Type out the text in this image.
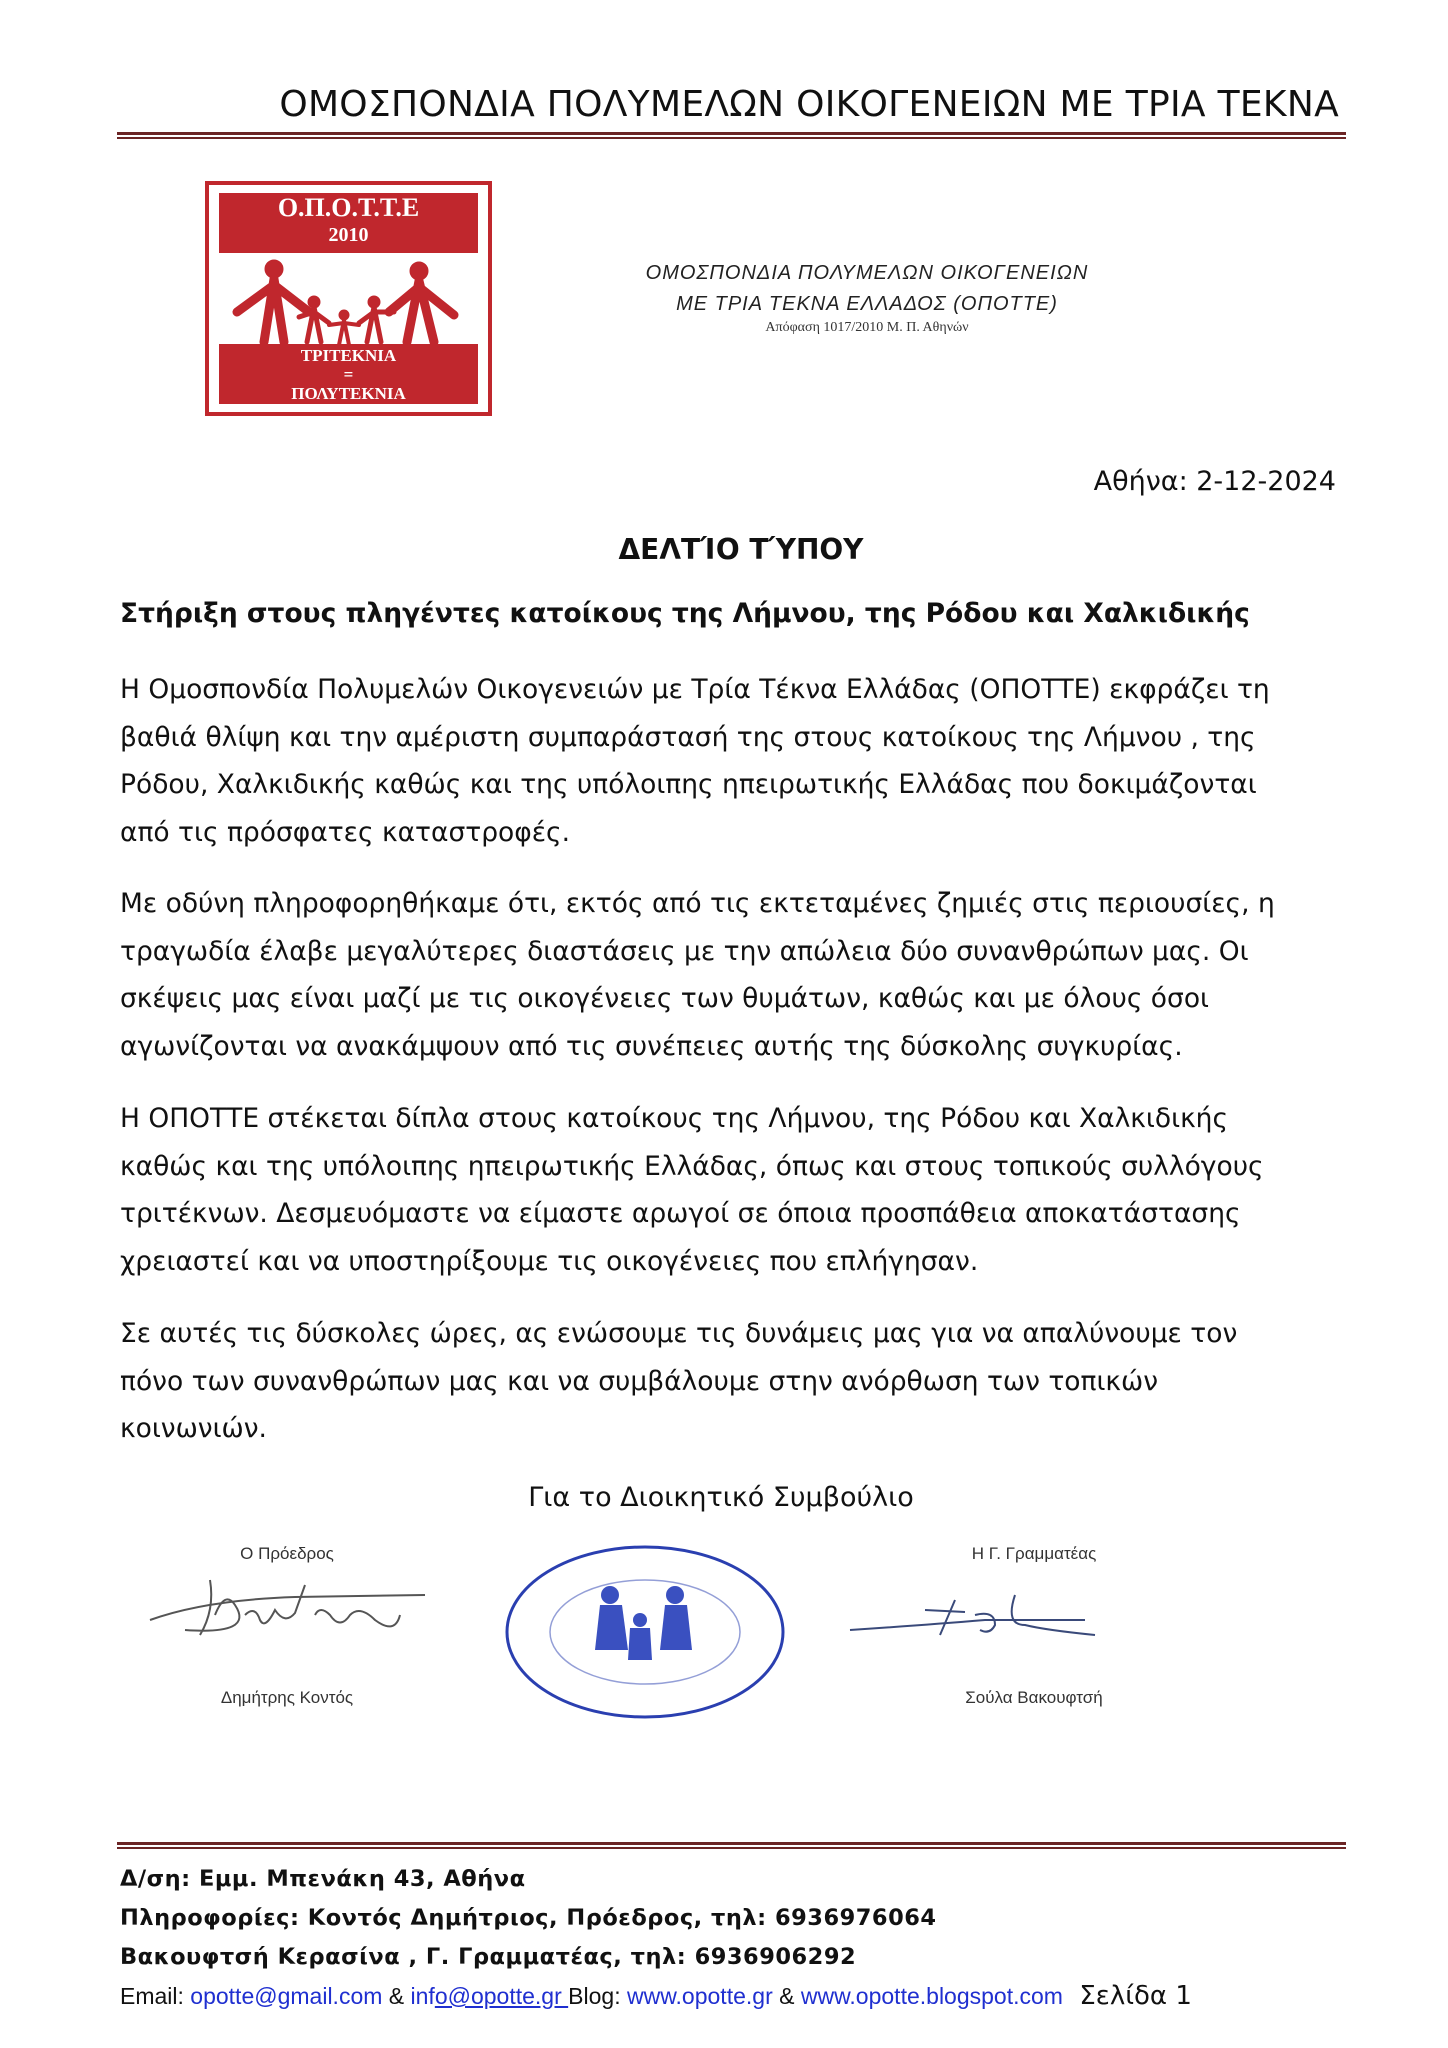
ΟΜΟΣΠΟΝΔΙΑ ΠΟΛΥΜΕΛΩΝ ΟΙΚΟΓΕΝΕΙΩΝ ΜΕ ΤΡΙΑ ΤΕΚΝΑ
Ο.Π.Ο.Τ.Τ.Ε
2010
ΤΡΙΤΕΚΝΙΑ
=
ΠΟΛΥΤΕΚΝΙΑ
ΟΜΟΣΠΟΝΔΙΑ ΠΟΛΥΜΕΛΩΝ ΟΙΚΟΓΕΝΕΙΩΝ
ΜΕ ΤΡΙΑ ΤΕΚΝΑ ΕΛΛΑΔΟΣ (ΟΠΟΤΤΕ)
Απόφαση 1017/2010 Μ. Π. Αθηνών
Αθήνα: 2-12-2024
ΔΕΛΤΊΟ ΤΎΠΟΥ
Στήριξη στους πληγέντες κατοίκους της Λήμνου, της Ρόδου και Χαλκιδικής
Η Ομοσπονδία Πολυμελών Οικογενειών με Τρία Τέκνα Ελλάδας (ΟΠΟΤΤΕ) εκφράζει τη
βαθιά θλίψη και την αμέριστη συμπαράστασή της στους κατοίκους της Λήμνου , της
Ρόδου, Χαλκιδικής καθώς και της υπόλοιπης ηπειρωτικής Ελλάδας που δοκιμάζονται
από τις πρόσφατες καταστροφές.
Με οδύνη πληροφορηθήκαμε ότι, εκτός από τις εκτεταμένες ζημιές στις περιουσίες, η
τραγωδία έλαβε μεγαλύτερες διαστάσεις με την απώλεια δύο συνανθρώπων μας. Οι
σκέψεις μας είναι μαζί με τις οικογένειες των θυμάτων, καθώς και με όλους όσοι
αγωνίζονται να ανακάμψουν από τις συνέπειες αυτής της δύσκολης συγκυρίας.
Η ΟΠΟΤΤΕ στέκεται δίπλα στους κατοίκους της Λήμνου, της Ρόδου και Χαλκιδικής
καθώς και της υπόλοιπης ηπειρωτικής Ελλάδας, όπως και στους τοπικούς συλλόγους
τριτέκνων. Δεσμευόμαστε να είμαστε αρωγοί σε όποια προσπάθεια αποκατάστασης
χρειαστεί και να υποστηρίξουμε τις οικογένειες που επλήγησαν.
Σε αυτές τις δύσκολες ώρες, ας ενώσουμε τις δυνάμεις μας για να απαλύνουμε τον
πόνο των συνανθρώπων μας και να συμβάλουμε στην ανόρθωση των τοπικών
κοινωνιών.
Για το Διοικητικό Συμβούλιο
Ο Πρόεδρος
Δημήτρης Κοντός
Η Γ. Γραμματέας
Σούλα Βακουφτσή
Δ/ση: Εμμ. Μπενάκη 43, Αθήνα
Πληροφορίες: Κοντός Δημήτριος, Πρόεδρος, τηλ: 6936976064
Βακουφτσή Κερασίνα , Γ. Γραμματέας, τηλ: 6936906292
Email: opotte@gmail.com & info@opotte.gr Blog: www.opotte.gr & www.opotte.blogspot.com Σελίδα 1
